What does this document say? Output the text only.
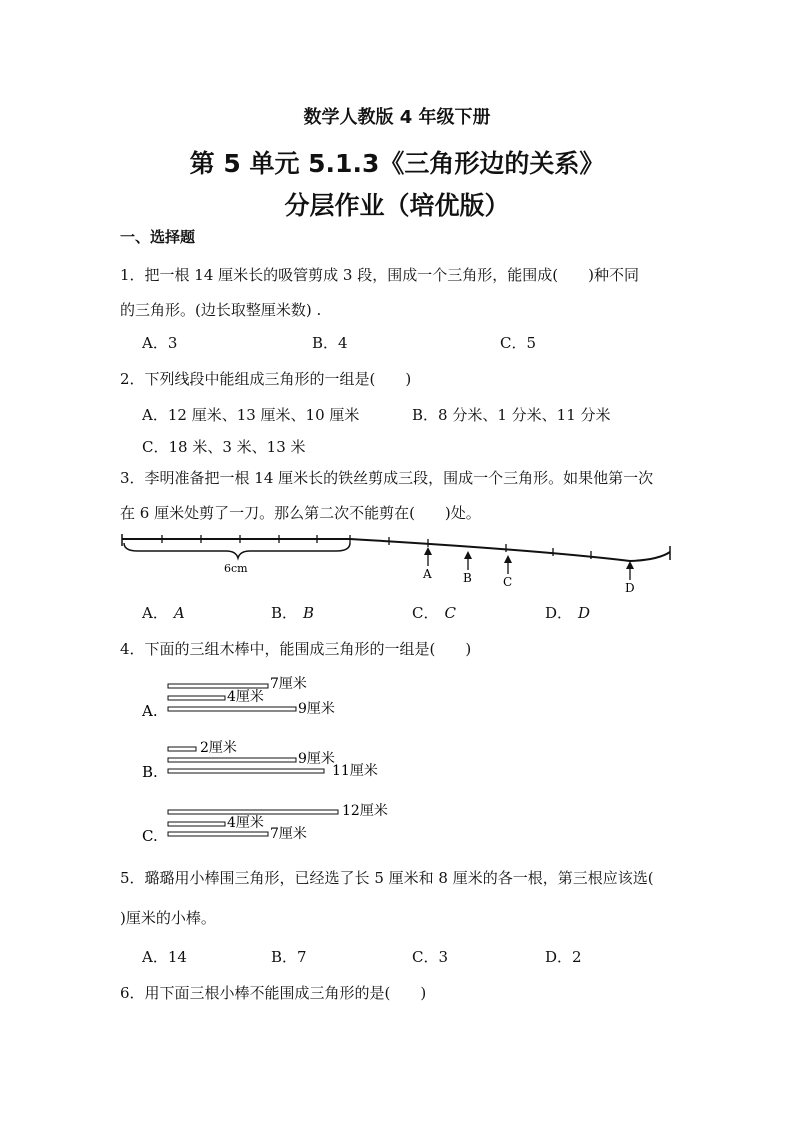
数学人教版 4 年级下册
第 5 单元 5.1.3《三角形边的关系》
分层作业（培优版）
一、选择题
1．把一根 14 厘米长的吸管剪成 3 段，围成一个三角形，能围成(　　)种不同
的三角形。(边长取整厘米数) .
A．3	B．4	C．5
2．下列线段中能组成三角形的一组是(　　)
A．12 厘米、13 厘米、10 厘米	B．8 分米、1 分米、11 分米
C．18 米、3 米、13 米
3．李明准备把一根 14 厘米长的铁丝剪成三段，围成一个三角形。如果他第一次
在 6 厘米处剪了一刀。那么第二次不能剪在(　　)处。
6cm	A	B	C	D
A． A	B． B	C． C	D． D
4．下面的三组木棒中，能围成三角形的一组是(　　)
A.
7厘米
4厘米
9厘米
B.
2厘米
9厘米
11厘米
C.
12厘米
4厘米
7厘米
5．璐璐用小棒围三角形，已经选了长 5 厘米和 8 厘米的各一根，第三根应该选(
)厘米的小棒。
A．14	B．7	C．3	D．2
6．用下面三根小棒不能围成三角形的是(　　)
